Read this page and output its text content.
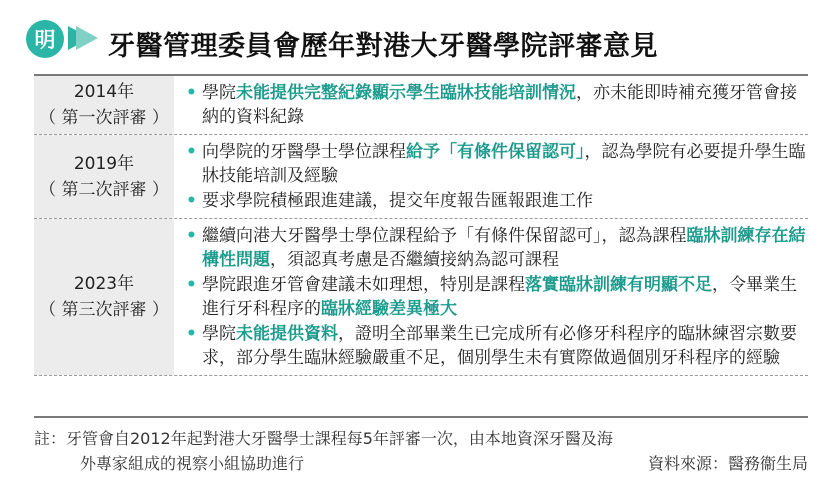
明	牙醫管理委員會歷年對港大牙醫學院評審意見
2014年
（ 第一次評審 ）
• 學院未能提供完整紀錄顯示學生臨牀技能培訓情況，亦未能即時補充獲牙管會接納的資料紀錄
2019年
（ 第二次評審 ）
• 向學院的牙醫學士學位課程給予「有條件保留認可」，認為學院有必要提升學生臨牀技能培訓及經驗
• 要求學院積極跟進建議，提交年度報告匯報跟進工作
2023年
（ 第三次評審 ）
• 繼續向港大牙醫學士學位課程給予「有條件保留認可」，認為課程臨牀訓練存在結構性問題，須認真考慮是否繼續接納為認可課程
• 學院跟進牙管會建議未如理想，特別是課程落實臨牀訓練有明顯不足，令畢業生進行牙科程序的臨牀經驗差異極大
• 學院未能提供資料，證明全部畢業生已完成所有必修牙科程序的臨牀練習宗數要求，部分學生臨牀經驗嚴重不足，個別學生未有實際做過個別牙科程序的經驗
註：牙管會自2012年起對港大牙醫學士課程每5年評審一次，由本地資深牙醫及海
外專家組成的視察小組協助進行	資料來源：醫務衞生局
